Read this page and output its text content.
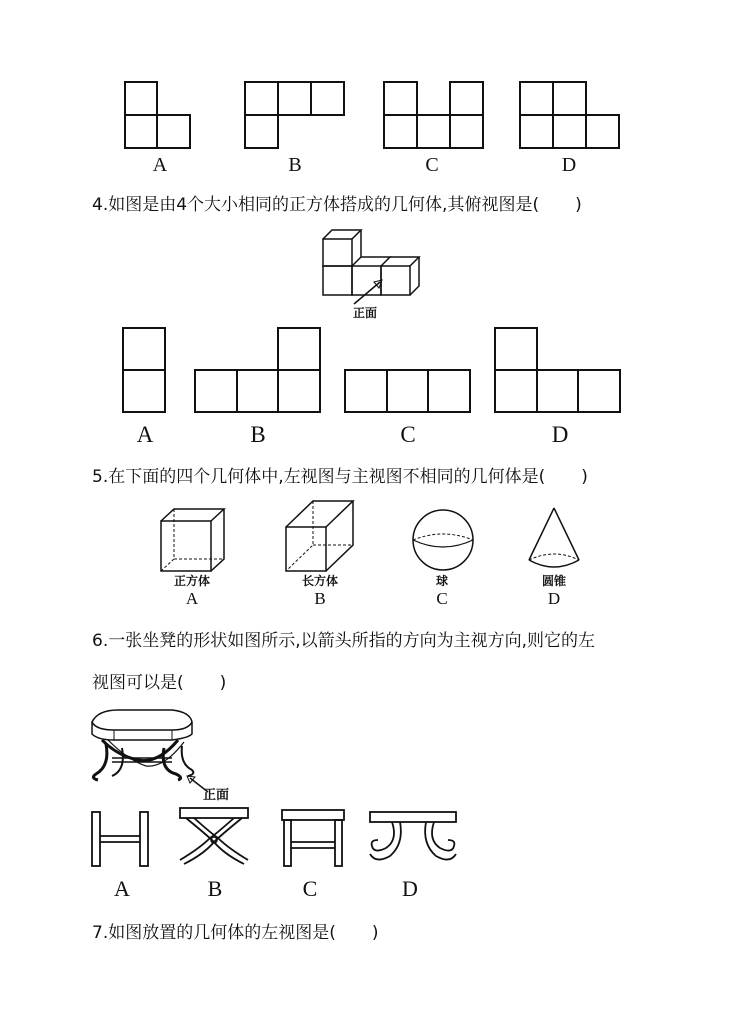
A	B	C	D
4.如图是由4个大小相同的正方体搭成的几何体,其俯视图是( )
正面
A	B	C	D
5.在下面的四个几何体中,左视图与主视图不相同的几何体是( )
正方体	长方体	球	圆锥
A	B	C	D
6.一张坐凳的形状如图所示,以箭头所指的方向为主视方向,则它的左
视图可以是( )
正面
A	B	C	D
7.如图放置的几何体的左视图是( )
